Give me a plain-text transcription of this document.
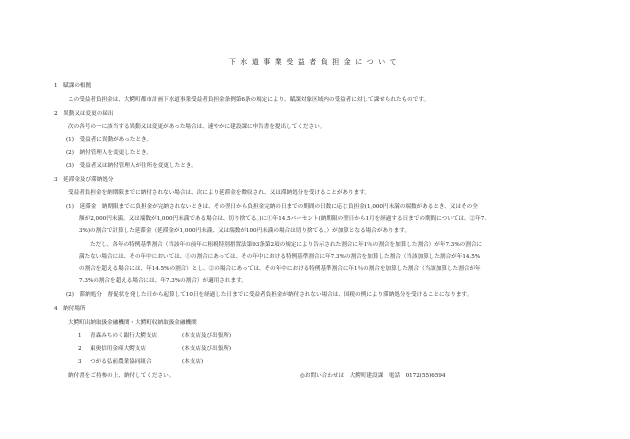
下水道事業受益者負担金について
1　賦課の根拠
この受益者負担金は、大鰐町都市計画下水道事業受益者負担金条例第6条の規定により、賦課対象区域内の受益者に対して課せられたものです。
2　異動又は変更の届出
次の各号の一に該当する異動又は変更があった場合は、速やかに建設課に申告書を提出してください。
(1)　受益者に異動があったとき。
(2)　納付管理人を変更したとき。
(3)　受益者又は納付管理人が住所を変更したとき。
3　延滞金及び滞納処分
受益者負担金を納期限までに納付されない場合は、次により延滞金を徴収され、又は滞納処分を受けることがあります。
(1)　延滞金　納期限までに負担金が完納されないときは、その翌日から負担金完納の日までの期間の日数に応じ負担金(1,000円未満の端数があるとき、又はその全
額が2,000円未満、又は端数が1,000円未満である場合は、切り捨てる。)に①年14.5パーセント(納期限の翌日から1月を経過する日までの期間については、②年7.
3%)の割合で計算した延滞金（延滞金が1,000円未満、又は端数が100円未満の場合は切り捨てる。）が加算となる場合があります。
ただし、各年の特例基準割合（当該年の前年に租税特別措置法第93条第2項の規定により告示された割合に年1％の割合を加算した割合）が年7.3%の割合に
満たない場合には、その年中においては、①の割合にあっては、その年中における特例基準割合に年7.3%の割合を加算した割合（当該加算した割合が年14.5%
の割合を超える場合には、年14.5%の割合）とし、②の場合にあっては、その年中における特例基準割合に年1％の割合を加算した割合（当該加算した割合が年
7.3%の割合を超える場合には、年7.3%の割合）が適用されます。
(2)　滞納処分　督促状を発した日から起算して10日を経過した日までに受益者負担金が納付されない場合は、国税の例により滞納処分を受けることになります。
4　納付場所
大鰐町出納取扱金融機関・大鰐町収納取扱金融機関
1 青森みちのく銀行大鰐支店	(本支店及び出張所)
2 東奥信用金庫大鰐支店	(本支店及び出張所)
3 つがる弘前農業協同組合	(本支店)
納付書をご持参の上、納付してください。	◎お問い合わせは　大鰐町建設課　電話　0172(55)6594
